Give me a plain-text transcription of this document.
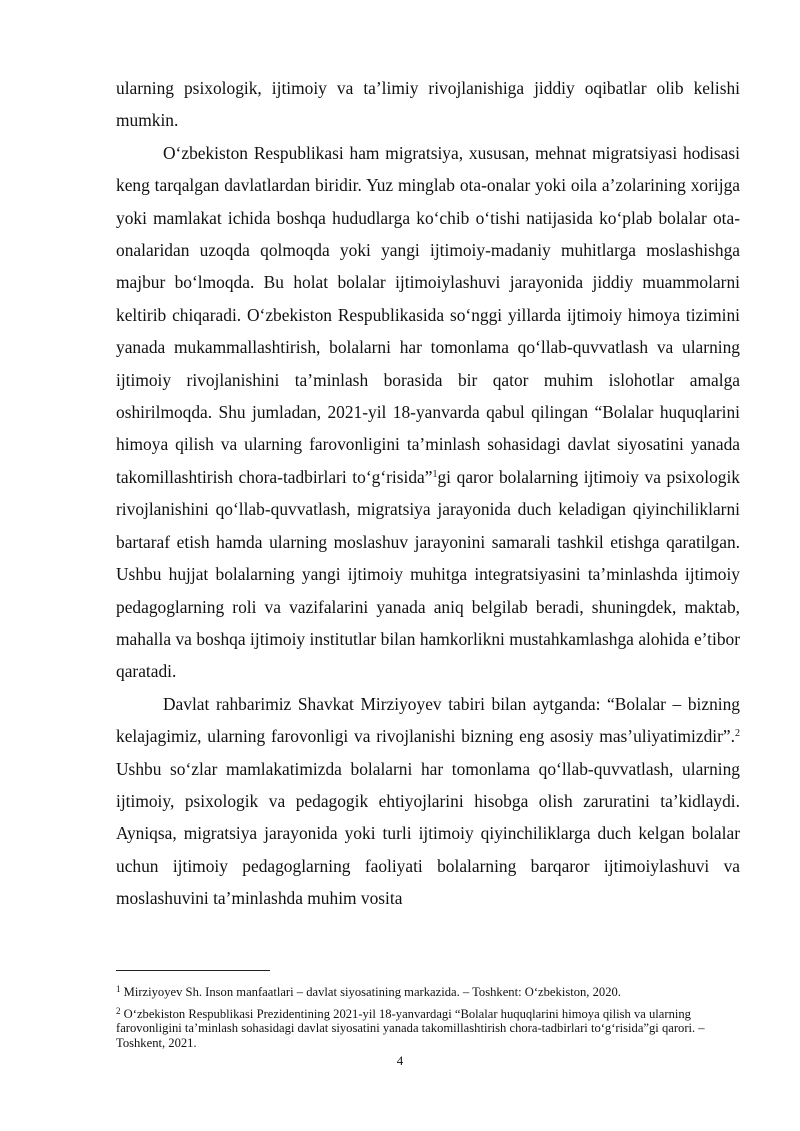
ularning psixologik, ijtimoiy va ta’limiy rivojlanishiga jiddiy oqibatlar olib kelishi mumkin.

O‘zbekiston Respublikasi ham migratsiya, xususan, mehnat migratsiyasi hodisasi keng tarqalgan davlatlardan biridir. Yuz minglab ota-onalar yoki oila a’zolarining xorijga yoki mamlakat ichida boshqa hududlarga ko‘chib o‘tishi natijasida ko‘plab bolalar ota-onalaridan uzoqda qolmoqda yoki yangi ijtimoiy-madaniy muhitlarga moslashishga majbur bo‘lmoqda. Bu holat bolalar ijtimoiylashuvi jarayonida jiddiy muammolarni keltirib chiqaradi. O‘zbekiston Respublikasida so‘nggi yillarda ijtimoiy himoya tizimini yanada mukammallashtirish, bolalarni har tomonlama qo‘llab-quvvatlash va ularning ijtimoiy rivojlanishini ta’minlash borasida bir qator muhim islohotlar amalga oshirilmoqda. Shu jumladan, 2021-yil 18-yanvarda qabul qilingan “Bolalar huquqlarini himoya qilish va ularning farovonligini ta’minlash sohasidagi davlat siyosatini yanada takomillashtirish chora-tadbirlari to‘g‘risida”$^1$gi qaror bolalarning ijtimoiy va psixologik rivojlanishini qo‘llab-quvvatlash, migratsiya jarayonida duch keladigan qiyinchiliklarni bartaraf etish hamda ularning moslashuv jarayonini samarali tashkil etishga qaratilgan. Ushbu hujjat bolalarning yangi ijtimoiy muhitga integratsiyasini ta’minlashda ijtimoiy pedagoglarning roli va vazifalarini yanada aniq belgilab beradi, shuningdek, maktab, mahalla va boshqa ijtimoiy institutlar bilan hamkorlikni mustahkamlashga alohida e’tibor qaratadi.

Davlat rahbarimiz Shavkat Mirziyoyev tabiri bilan aytganda: “Bolalar – bizning kelajagimiz, ularning farovonligi va rivojlanishi bizning eng asosiy mas’uliyatimizdir”.$^2$ Ushbu so‘zlar mamlakatimizda bolalarni har tomonlama qo‘llab-quvvatlash, ularning ijtimoiy, psixologik va pedagogik ehtiyojlarini hisobga olish zaruratini ta’kidlaydi. Ayniqsa, migratsiya jarayonida yoki turli ijtimoiy qiyinchiliklarga duch kelgan bolalar uchun ijtimoiy pedagoglarning faoliyati bolalarning barqaror ijtimoiylashuvi va moslashuvini ta’minlashda muhim vosita

$^1$ Mirziyoyev Sh. Inson manfaatlari – davlat siyosatining markazida. – Toshkent: O‘zbekiston, 2020.

$^2$ O‘zbekiston Respublikasi Prezidentining 2021-yil 18-yanvardagi “Bolalar huquqlarini himoya qilish va ularning farovonligini ta’minlash sohasidagi davlat siyosatini yanada takomillashtirish chora-tadbirlari to‘g‘risida”gi qarori. – Toshkent, 2021.

4
